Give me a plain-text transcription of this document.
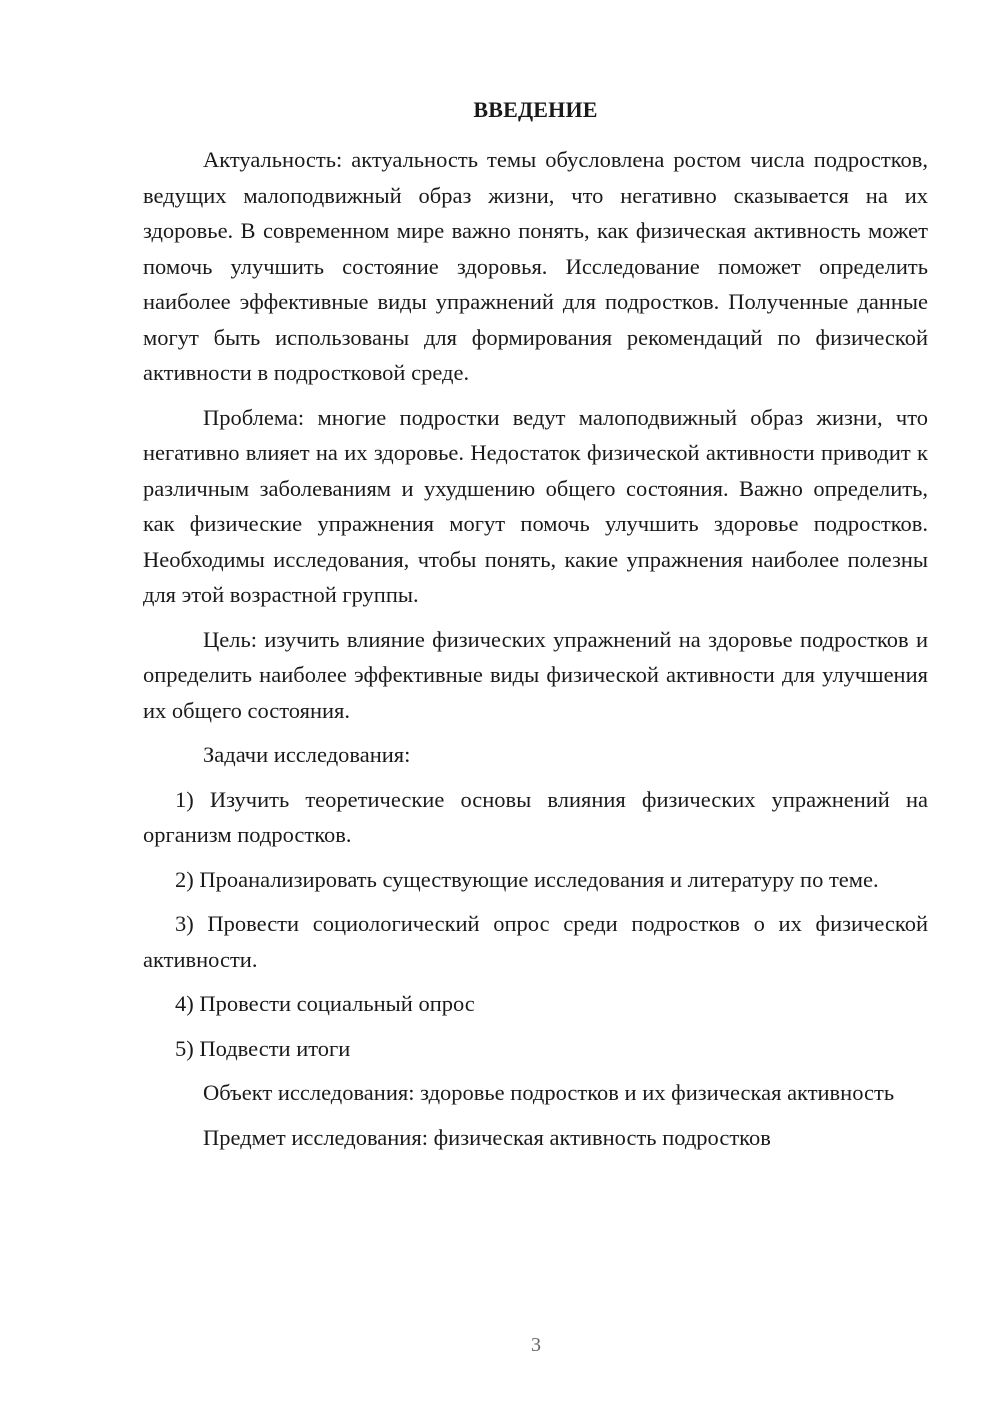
ВВЕДЕНИЕ

Актуальность: актуальность темы обусловлена ростом числа подростков, ведущих малоподвижный образ жизни, что негативно сказывается на их здоровье. В современном мире важно понять, как физическая активность может помочь улучшить состояние здоровья. Исследование поможет определить наиболее эффективные виды упражнений для подростков. Полученные данные могут быть использованы для формирования рекомендаций по физической активности в подростковой среде.

Проблема: многие подростки ведут малоподвижный образ жизни, что негативно влияет на их здоровье. Недостаток физической активности приводит к различным заболеваниям и ухудшению общего состояния. Важно определить, как физические упражнения могут помочь улучшить здоровье подростков. Необходимы исследования, чтобы понять, какие упражнения наиболее полезны для этой возрастной группы.

Цель: изучить влияние физических упражнений на здоровье подростков и определить наиболее эффективные виды физической активности для улучшения их общего состояния.

Задачи исследования:

1) Изучить теоретические основы влияния физических упражнений на организм подростков.

2) Проанализировать существующие исследования и литературу по теме.

3) Провести социологический опрос среди подростков о их физической активности.

4) Провести социальный опрос

5) Подвести итоги

Объект исследования: здоровье подростков и их физическая активность

Предмет исследования: физическая активность подростков

3
